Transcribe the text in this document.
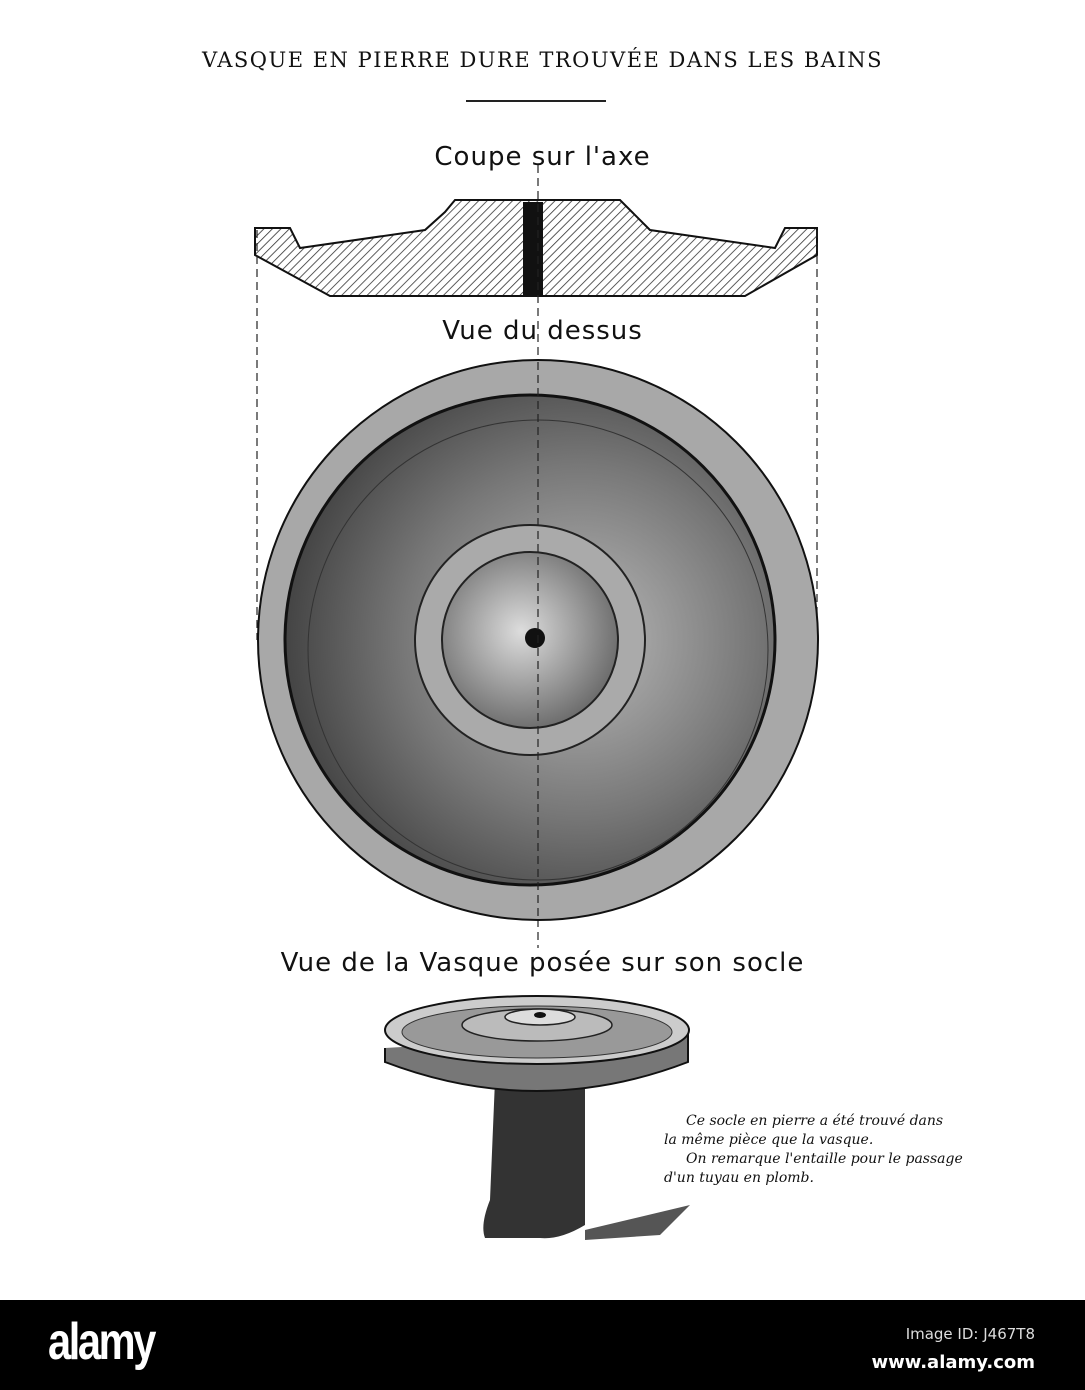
VASQUE EN PIERRE DURE TROUVÉE DANS LES BAINS
Coupe sur l'axe
Vue du dessus
Vue de la Vasque posée sur son socle
Ce socle en pierre a été trouvé dans
la même pièce que la vasque.
On remarque l'entaille pour le passage
d'un tuyau en plomb.
alamy	Image ID: J467T8
www.alamy.com
